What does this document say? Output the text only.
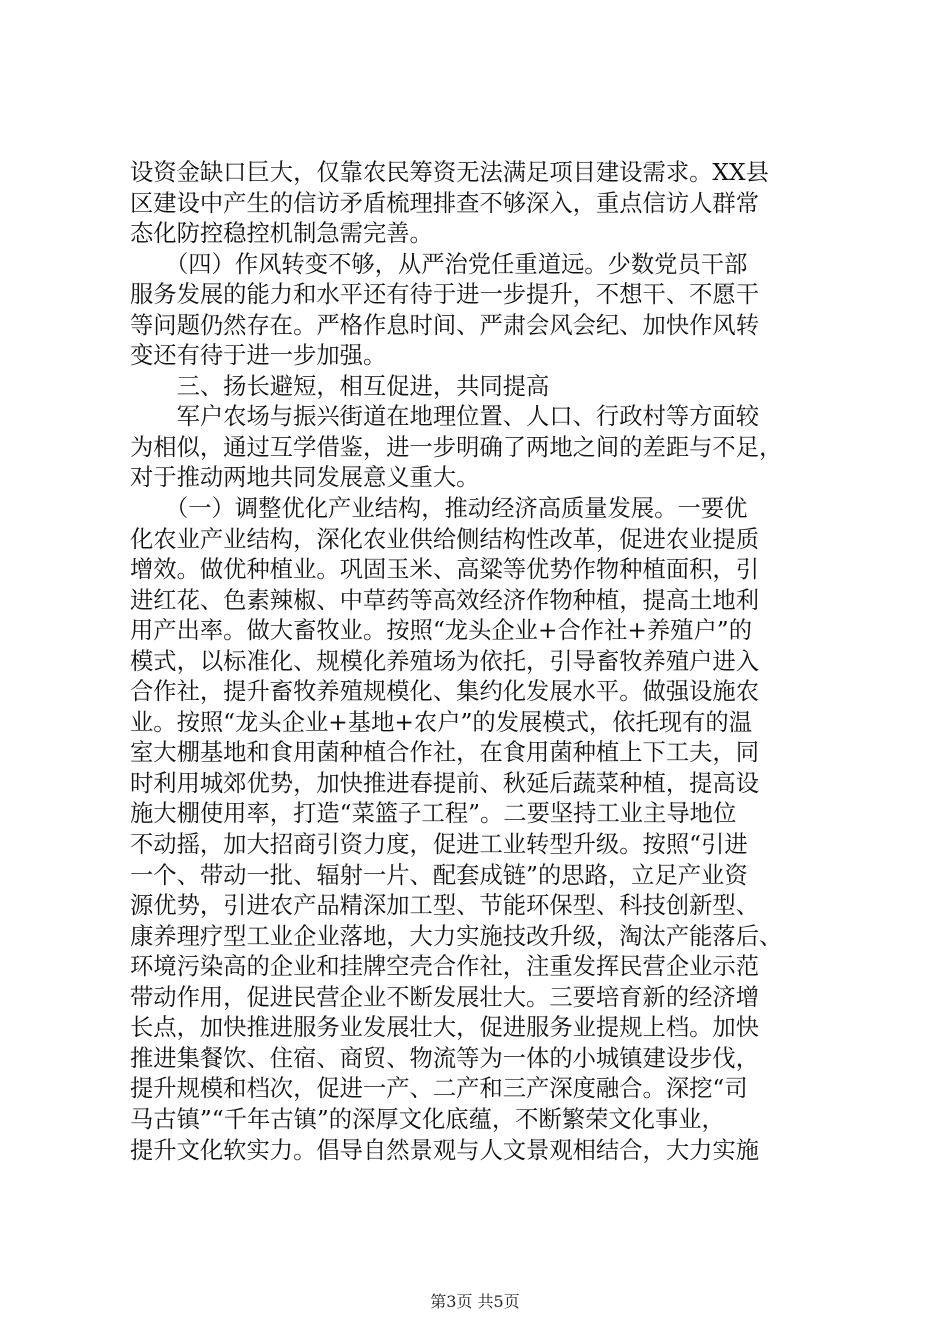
设资金缺口巨大，仅靠农民筹资无法满足项目建设需求。XX县
区建设中产生的信访矛盾梳理排查不够深入，重点信访人群常
态化防控稳控机制急需完善。
　　（四）作风转变不够，从严治党任重道远。少数党员干部
服务发展的能力和水平还有待于进一步提升，不想干、不愿干
等问题仍然存在。严格作息时间、严肃会风会纪、加快作风转
变还有待于进一步加强。
　　三、扬长避短，相互促进，共同提高
　　军户农场与振兴街道在地理位置、人口、行政村等方面较
为相似，通过互学借鉴，进一步明确了两地之间的差距与不足，
对于推动两地共同发展意义重大。
　　（一）调整优化产业结构，推动经济高质量发展。一要优
化农业产业结构，深化农业供给侧结构性改革，促进农业提质
增效。做优种植业。巩固玉米、高粱等优势作物种植面积，引
进红花、色素辣椒、中草药等高效经济作物种植，提高土地利
用产出率。做大畜牧业。按照“龙头企业+合作社+养殖户”的
模式，以标准化、规模化养殖场为依托，引导畜牧养殖户进入
合作社，提升畜牧养殖规模化、集约化发展水平。做强设施农
业。按照“龙头企业+基地+农户”的发展模式，依托现有的温
室大棚基地和食用菌种植合作社，在食用菌种植上下工夫，同
时利用城郊优势，加快推进春提前、秋延后蔬菜种植，提高设
施大棚使用率，打造“菜篮子工程”。二要坚持工业主导地位
不动摇，加大招商引资力度，促进工业转型升级。按照“引进
一个、带动一批、辐射一片、配套成链”的思路，立足产业资
源优势，引进农产品精深加工型、节能环保型、科技创新型、
康养理疗型工业企业落地，大力实施技改升级，淘汰产能落后、
环境污染高的企业和挂牌空壳合作社，注重发挥民营企业示范
带动作用，促进民营企业不断发展壮大。三要培育新的经济增
长点，加快推进服务业发展壮大，促进服务业提规上档。加快
推进集餐饮、住宿、商贸、物流等为一体的小城镇建设步伐，
提升规模和档次，促进一产、二产和三产深度融合。深挖“司
马古镇”“千年古镇”的深厚文化底蕴，不断繁荣文化事业，
提升文化软实力。倡导自然景观与人文景观相结合，大力实施
第3页 共5页
